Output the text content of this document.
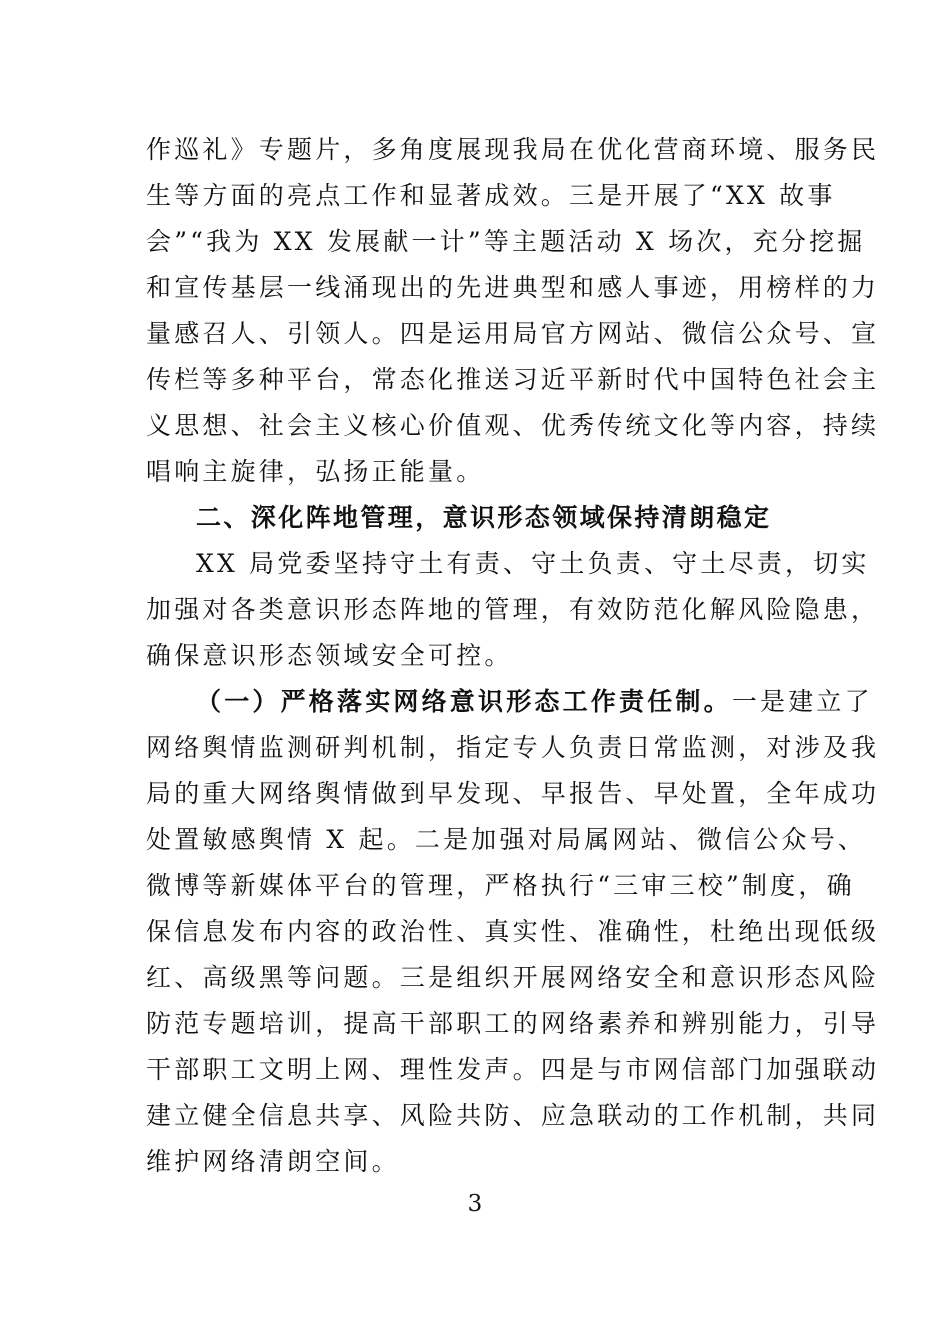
作巡礼》专题片，多角度展现我局在优化营商环境、服务民
生等方面的亮点工作和显著成效。三是开展了“XX 故事
会”“我为 XX 发展献一计”等主题活动 X 场次，充分挖掘
和宣传基层一线涌现出的先进典型和感人事迹，用榜样的力
量感召人、引领人。四是运用局官方网站、微信公众号、宣
传栏等多种平台，常态化推送习近平新时代中国特色社会主
义思想、社会主义核心价值观、优秀传统文化等内容，持续
唱响主旋律，弘扬正能量。
二、深化阵地管理，意识形态领域保持清朗稳定
XX 局党委坚持守土有责、守土负责、守土尽责，切实
加强对各类意识形态阵地的管理，有效防范化解风险隐患，
确保意识形态领域安全可控。
（一）严格落实网络意识形态工作责任制。一是建立了
网络舆情监测研判机制，指定专人负责日常监测，对涉及我
局的重大网络舆情做到早发现、早报告、早处置，全年成功
处置敏感舆情 X 起。二是加强对局属网站、微信公众号、
微博等新媒体平台的管理，严格执行“三审三校”制度，确
保信息发布内容的政治性、真实性、准确性，杜绝出现低级
红、高级黑等问题。三是组织开展网络安全和意识形态风险
防范专题培训，提高干部职工的网络素养和辨别能力，引导
干部职工文明上网、理性发声。四是与市网信部门加强联动
建立健全信息共享、风险共防、应急联动的工作机制，共同
维护网络清朗空间。
3
